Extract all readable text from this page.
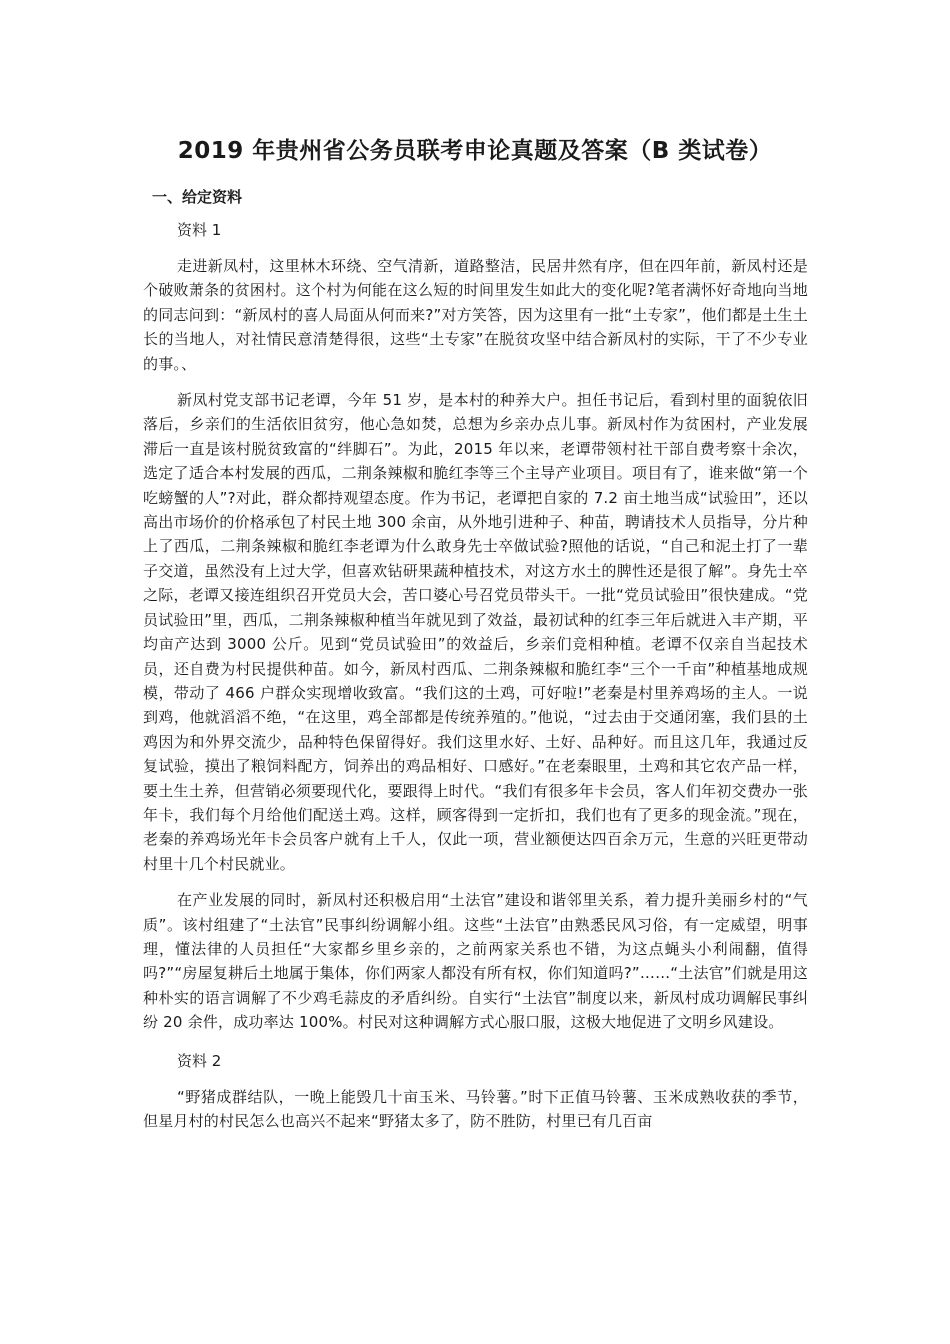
2019 年贵州省公务员联考申论真题及答案（B 类试卷）
一、给定资料

资料 1

走进新凤村，这里林木环绕、空气清新，道路整洁，民居井然有序，但在四年前，新凤村还是个破败萧条的贫困村。这个村为何能在这么短的时间里发生如此大的变化呢?笔者满怀好奇地向当地的同志问到：“新凤村的喜人局面从何而来?”对方笑答，因为这里有一批“土专家”，他们都是土生土长的当地人，对社情民意清楚得很，这些“土专家”在脱贫攻坚中结合新凤村的实际，干了不少专业的事。、

新凤村党支部书记老谭，今年 51 岁，是本村的种养大户。担任书记后，看到村里的面貌依旧落后，乡亲们的生活依旧贫穷，他心急如焚，总想为乡亲办点儿事。新凤村作为贫困村，产业发展滞后一直是该村脱贫致富的“绊脚石”。为此，2015 年以来，老谭带领村社干部自费考察十余次，选定了适合本村发展的西瓜，二荆条辣椒和脆红李等三个主导产业项目。项目有了，谁来做“第一个吃螃蟹的人”?对此，群众都持观望态度。作为书记，老谭把自家的 7.2 亩土地当成“试验田”，还以高出市场价的价格承包了村民土地 300 余亩，从外地引进种子、种苗，聘请技术人员指导，分片种上了西瓜，二荆条辣椒和脆红李老谭为什么敢身先士卒做试验?照他的话说，“自己和泥土打了一辈子交道，虽然没有上过大学，但喜欢钻研果蔬种植技术，对这方水土的脾性还是很了解”。身先士卒之际，老谭又接连组织召开党员大会，苦口婆心号召党员带头干。一批“党员试验田”很快建成。“党员试验田”里，西瓜，二荆条辣椒种植当年就见到了效益，最初试种的红李三年后就进入丰产期，平均亩产达到 3000 公斤。见到“党员试验田”的效益后，乡亲们竞相种植。老谭不仅亲自当起技术员，还自费为村民提供种苗。如今，新凤村西瓜、二荆条辣椒和脆红李“三个一千亩”种植基地成规模，带动了 466 户群众实现增收致富。“我们这的土鸡，可好啦!”老秦是村里养鸡场的主人。一说到鸡，他就滔滔不绝，“在这里，鸡全部都是传统养殖的。”他说，“过去由于交通闭塞，我们县的土鸡因为和外界交流少，品种特色保留得好。我们这里水好、土好、品种好。而且这几年，我通过反复试验，摸出了粮饲料配方，饲养出的鸡品相好、口感好。”在老秦眼里，土鸡和其它农产品一样，要土生土养，但营销必须要现代化，要跟得上时代。“我们有很多年卡会员，客人们年初交费办一张年卡，我们每个月给他们配送土鸡。这样，顾客得到一定折扣，我们也有了更多的现金流。”现在，老秦的养鸡场光年卡会员客户就有上千人，仅此一项，营业额便达四百余万元，生意的兴旺更带动村里十几个村民就业。

在产业发展的同时，新凤村还积极启用“土法官”建设和谐邻里关系，着力提升美丽乡村的“气质”。该村组建了“土法官”民事纠纷调解小组。这些“土法官”由熟悉民风习俗，有一定威望，明事理，懂法律的人员担任“大家都乡里乡亲的，之前两家关系也不错，为这点蝇头小利闹翻，值得吗?”“房屋复耕后土地属于集体，你们两家人都没有所有权，你们知道吗?”……“土法官”们就是用这种朴实的语言调解了不少鸡毛蒜皮的矛盾纠纷。自实行“土法官”制度以来，新凤村成功调解民事纠纷 20 余件，成功率达 100%。村民对这种调解方式心服口服，这极大地促进了文明乡风建设。

资料 2

“野猪成群结队，一晚上能毁几十亩玉米、马铃薯。”时下正值马铃薯、玉米成熟收获的季节，但星月村的村民怎么也高兴不起来“野猪太多了，防不胜防，村里已有几百亩
